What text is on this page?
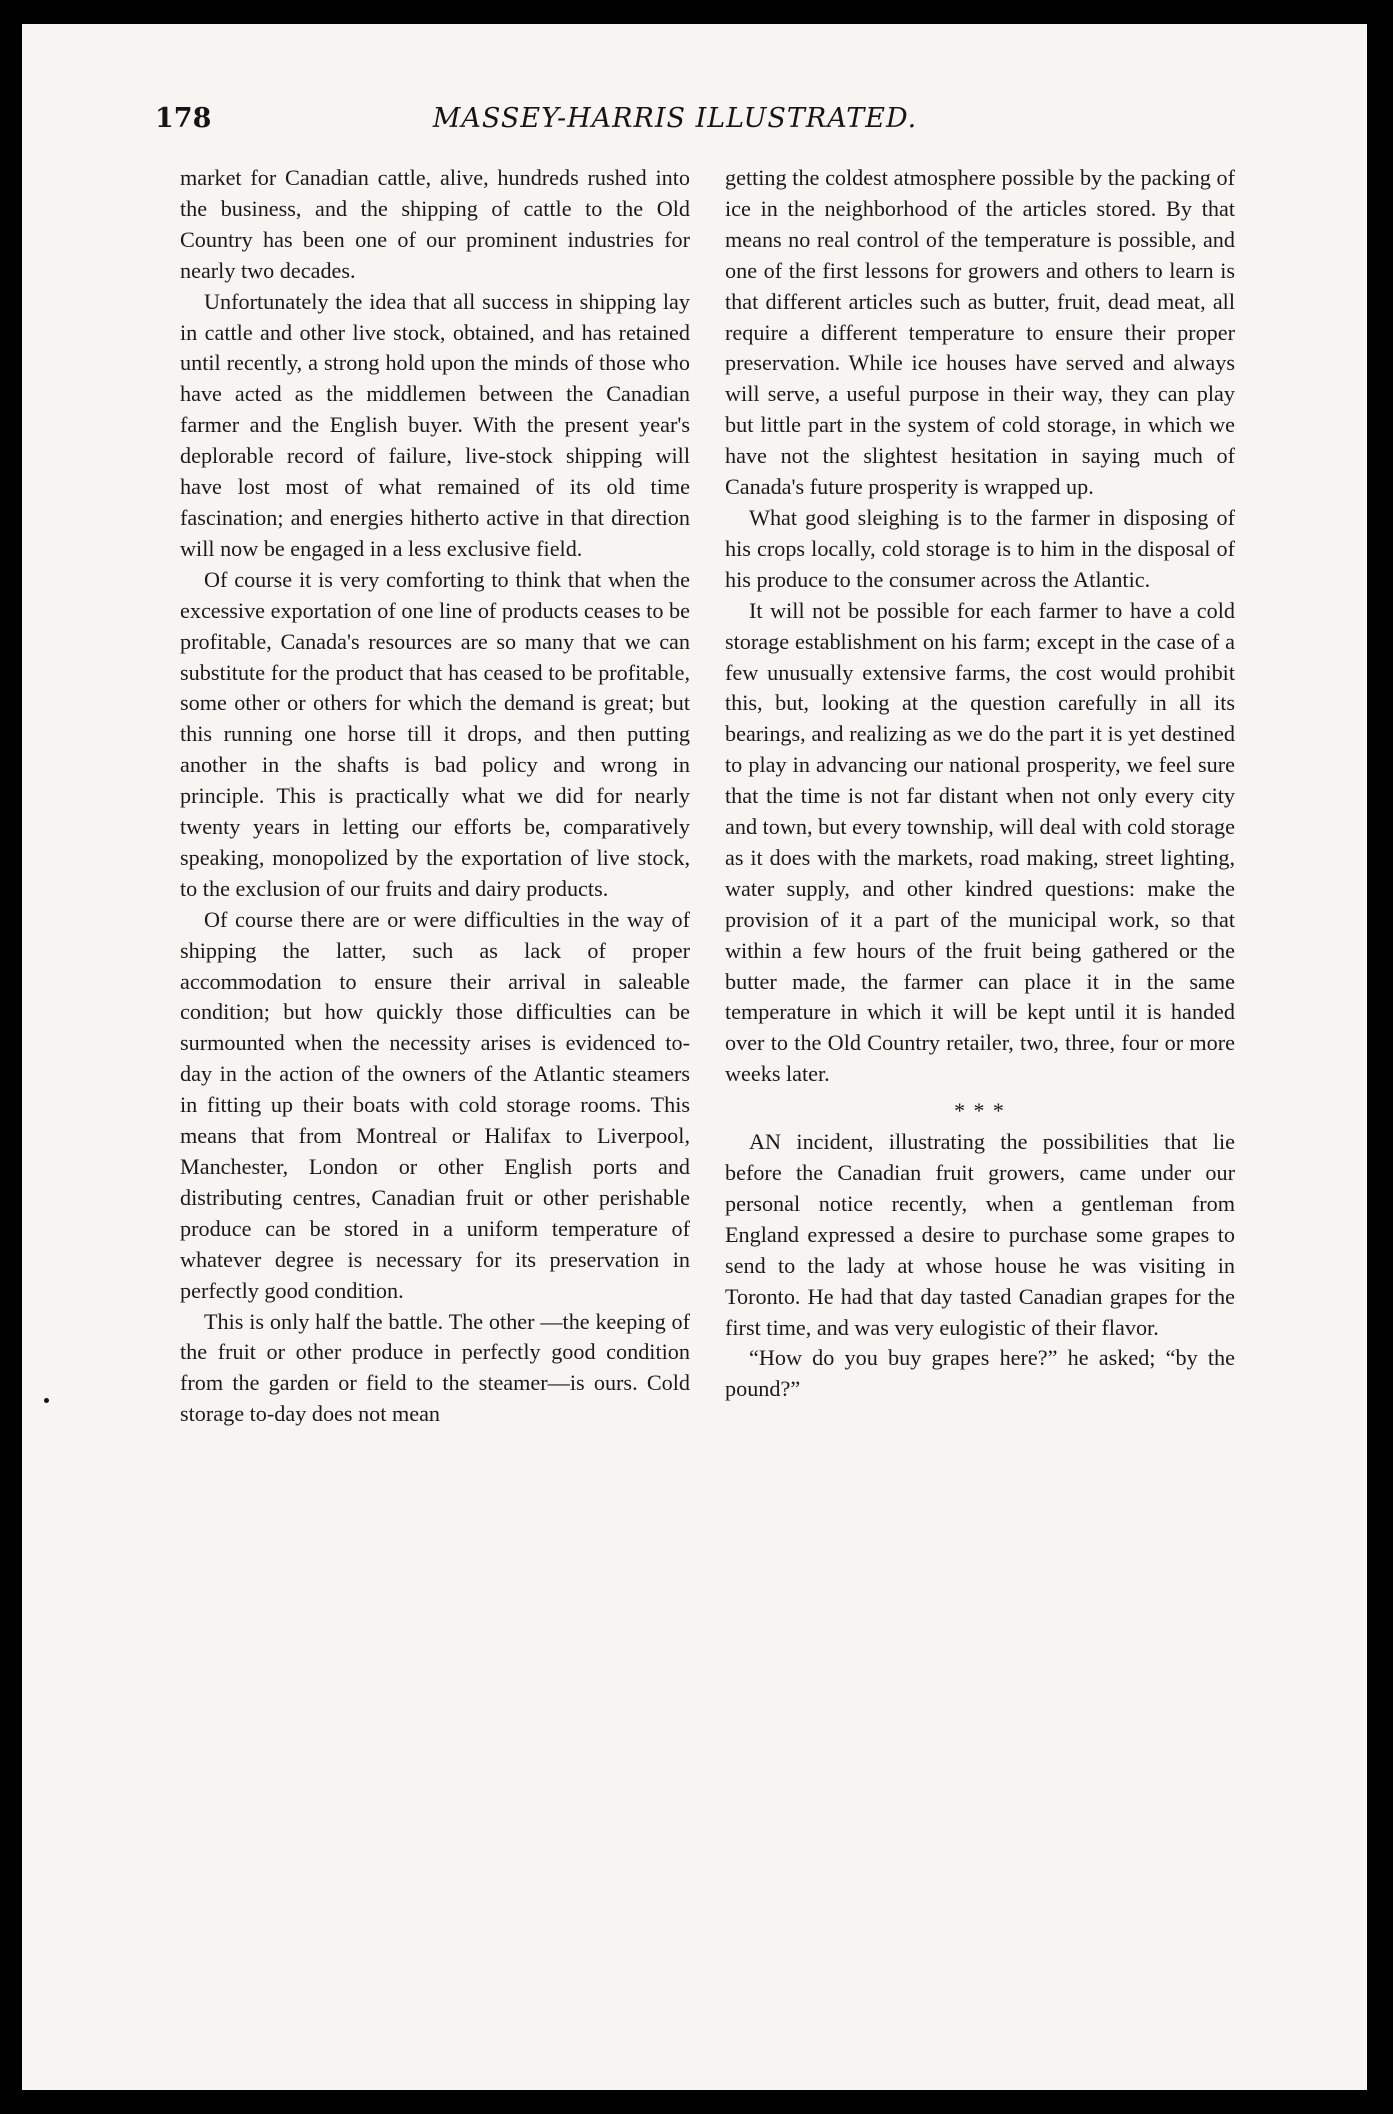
178	MASSEY-HARRIS ILLUSTRATED.

market for Canadian cattle, alive, hundreds rushed into the business, and the shipping of cattle to the Old Country has been one of our prominent industries for nearly two decades.

Unfortunately the idea that all success in shipping lay in cattle and other live stock, obtained, and has retained until recently, a strong hold upon the minds of those who have acted as the middlemen between the Canadian farmer and the English buyer. With the present year's deplorable record of failure, live-stock shipping will have lost most of what remained of its old time fascination; and energies hitherto active in that direction will now be engaged in a less exclusive field.

Of course it is very comforting to think that when the excessive exportation of one line of products ceases to be profitable, Canada's resources are so many that we can substitute for the product that has ceased to be profitable, some other or others for which the demand is great; but this running one horse till it drops, and then putting another in the shafts is bad policy and wrong in principle. This is practically what we did for nearly twenty years in letting our efforts be, comparatively speaking, monopolized by the exportation of live stock, to the exclusion of our fruits and dairy products.

Of course there are or were difficulties in the way of shipping the latter, such as lack of proper accommodation to ensure their arrival in saleable condition; but how quickly those difficulties can be surmounted when the necessity arises is evidenced to-day in the action of the owners of the Atlantic steamers in fitting up their boats with cold storage rooms. This means that from Montreal or Halifax to Liverpool, Manchester, London or other English ports and distributing centres, Canadian fruit or other perishable produce can be stored in a uniform temperature of whatever degree is necessary for its preservation in perfectly good condition.

This is only half the battle. The other —the keeping of the fruit or other produce in perfectly good condition from the garden or field to the steamer—is ours. Cold storage to-day does not mean

getting the coldest atmosphere possible by the packing of ice in the neighborhood of the articles stored. By that means no real control of the temperature is possible, and one of the first lessons for growers and others to learn is that different articles such as butter, fruit, dead meat, all require a different temperature to ensure their proper preservation. While ice houses have served and always will serve, a useful purpose in their way, they can play but little part in the system of cold storage, in which we have not the slightest hesitation in saying much of Canada's future prosperity is wrapped up.

What good sleighing is to the farmer in disposing of his crops locally, cold storage is to him in the disposal of his produce to the consumer across the Atlantic.

It will not be possible for each farmer to have a cold storage establishment on his farm; except in the case of a few unusually extensive farms, the cost would prohibit this, but, looking at the question carefully in all its bearings, and realizing as we do the part it is yet destined to play in advancing our national prosperity, we feel sure that the time is not far distant when not only every city and town, but every township, will deal with cold storage as it does with the markets, road making, street lighting, water supply, and other kindred questions: make the provision of it a part of the municipal work, so that within a few hours of the fruit being gathered or the butter made, the farmer can place it in the same temperature in which it will be kept until it is handed over to the Old Country retailer, two, three, four or more weeks later.

* * *

AN incident, illustrating the possibilities that lie before the Canadian fruit growers, came under our personal notice recently, when a gentleman from England expressed a desire to purchase some grapes to send to the lady at whose house he was visiting in Toronto. He had that day tasted Canadian grapes for the first time, and was very eulogistic of their flavor.

“How do you buy grapes here?” he asked; “by the pound?”
